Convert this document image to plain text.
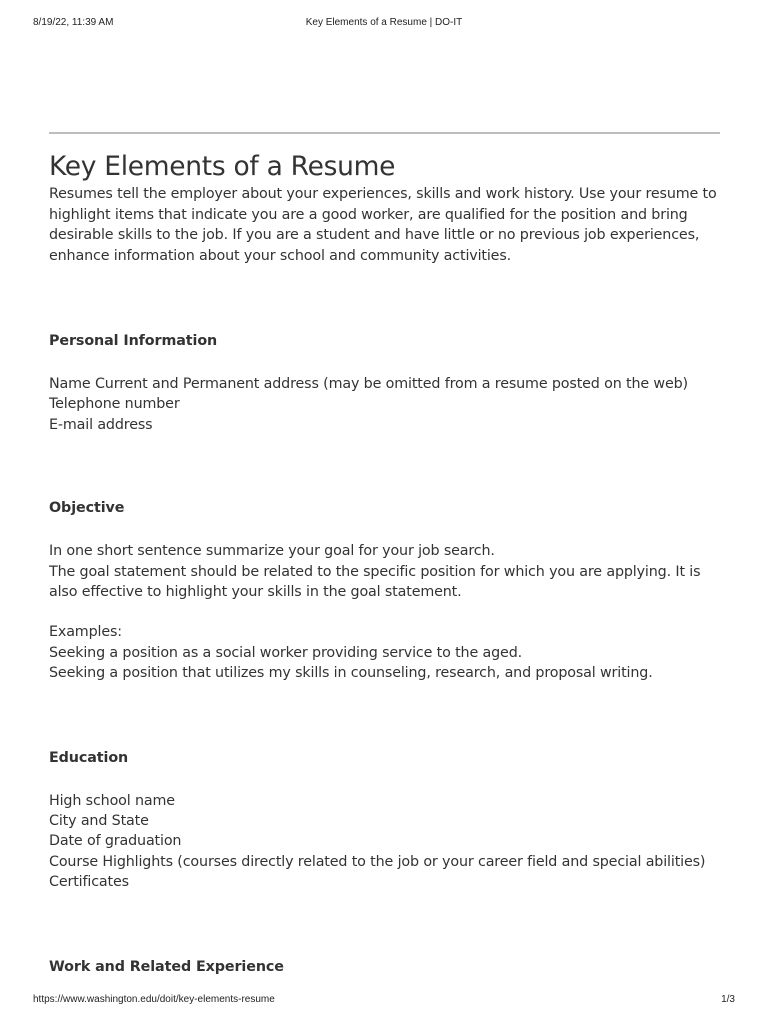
8/19/22, 11:39 AM	Key Elements of a Resume | DO-IT
Key Elements of a Resume

Resumes tell the employer about your experiences, skills and work history. Use your resume to highlight items that indicate you are a good worker, are qualified for the position and bring desirable skills to the job. If you are a student and have little or no previous job experiences, enhance information about your school and community activities.

Personal Information
Name Current and Permanent address (may be omitted from a resume posted on the web)
Telephone number
E-mail address
Objective
In one short sentence summarize your goal for your job search.
The goal statement should be related to the specific position for which you are applying. It is also effective to highlight your skills in the goal statement.
Examples:
Seeking a position as a social worker providing service to the aged.
Seeking a position that utilizes my skills in counseling, research, and proposal writing.
Education
High school name
City and State
Date of graduation
Course Highlights (courses directly related to the job or your career field and special abilities)
Certificates
Work and Related Experience
https://www.washington.edu/doit/key-elements-resume	1/3
